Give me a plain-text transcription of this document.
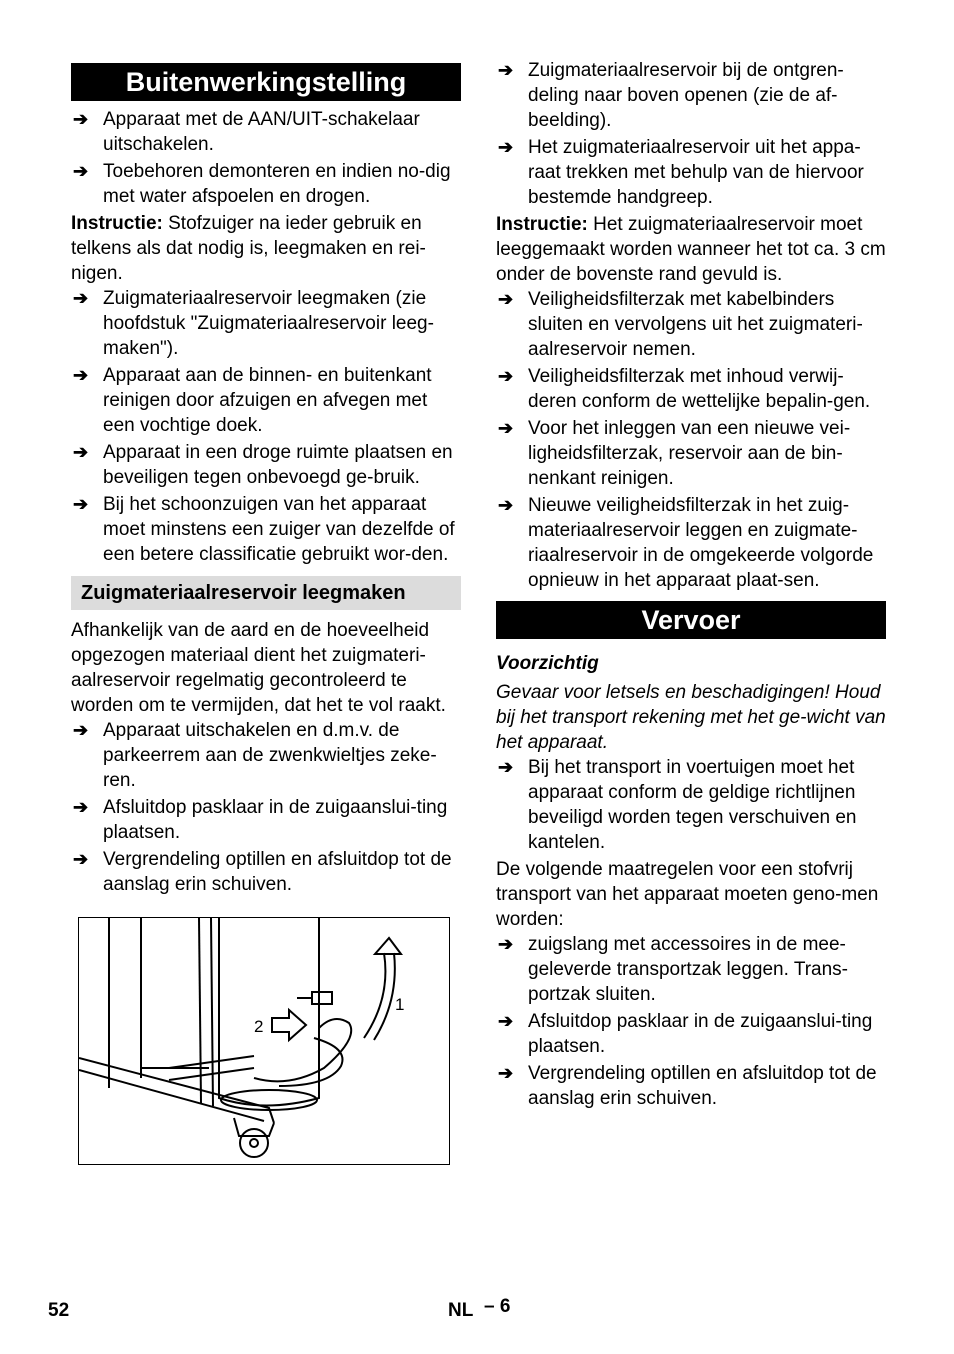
Buitenwerkingstelling
➔ Apparaat met de AAN/UIT-schakelaar uitschakelen.
➔ Toebehoren demonteren en indien no-dig met water afspoelen en drogen.

Instructie: Stofzuiger na ieder gebruik en telkens als dat nodig is, leegmaken en rei-nigen.

➔ Zuigmateriaalreservoir leegmaken (zie hoofdstuk "Zuigmateriaalreservoir leeg-maken").
➔ Apparaat aan de binnen- en buitenkant reinigen door afzuigen en afvegen met een vochtige doek.
➔ Apparaat in een droge ruimte plaatsen en beveiligen tegen onbevoegd ge-bruik.
➔ Bij het schoonzuigen van het apparaat moet minstens een zuiger van dezelfde of een betere classificatie gebruikt wor-den.
Zuigmateriaalreservoir leegmaken

Afhankelijk van de aard en de hoeveelheid opgezogen materiaal dient het zuigmateri-aalreservoir regelmatig gecontroleerd te worden om te vermijden, dat het te vol raakt.

➔ Apparaat uitschakelen en d.m.v. de parkeerrem aan de zwenkwieltjes zeke-ren.
➔ Afsluitdop pasklaar in de zuigaanslui-ting plaatsen.
➔ Vergrendeling optillen en afsluitdop tot de aanslag erin schuiven.
1
2
➔ Zuigmateriaalreservoir bij de ontgren-deling naar boven openen (zie de af-beelding).
➔ Het zuigmateriaalreservoir uit het appa-raat trekken met behulp van de hiervoor bestemde handgreep.

Instructie: Het zuigmateriaalreservoir moet leeggemaakt worden wanneer het tot ca. 3 cm onder de bovenste rand gevuld is.

➔ Veiligheidsfilterzak met kabelbinders sluiten en vervolgens uit het zuigmateri-aalreservoir nemen.
➔ Veiligheidsfilterzak met inhoud verwij-deren conform de wettelijke bepalin-gen.
➔ Voor het inleggen van een nieuwe vei-ligheidsfilterzak, reservoir aan de bin-nenkant reinigen.
➔ Nieuwe veiligheidsfilterzak in het zuig-materiaalreservoir leggen en zuigmate-riaalreservoir in de omgekeerde volgorde opnieuw in het apparaat plaat-sen.
Vervoer

Voorzichtig

Gevaar voor letsels en beschadigingen! Houd bij het transport rekening met het ge-wicht van het apparaat.

➔ Bij het transport in voertuigen moet het apparaat conform de geldige richtlijnen beveiligd worden tegen verschuiven en kantelen.

De volgende maatregelen voor een stofvrij transport van het apparaat moeten geno-men worden:

➔ zuigslang met accessoires in de mee-geleverde transportzak leggen. Trans-portzak sluiten.
➔ Afsluitdop pasklaar in de zuigaanslui-ting plaatsen.
➔ Vergrendeling optillen en afsluitdop tot de aanslag erin schuiven.
52	NL – 6
